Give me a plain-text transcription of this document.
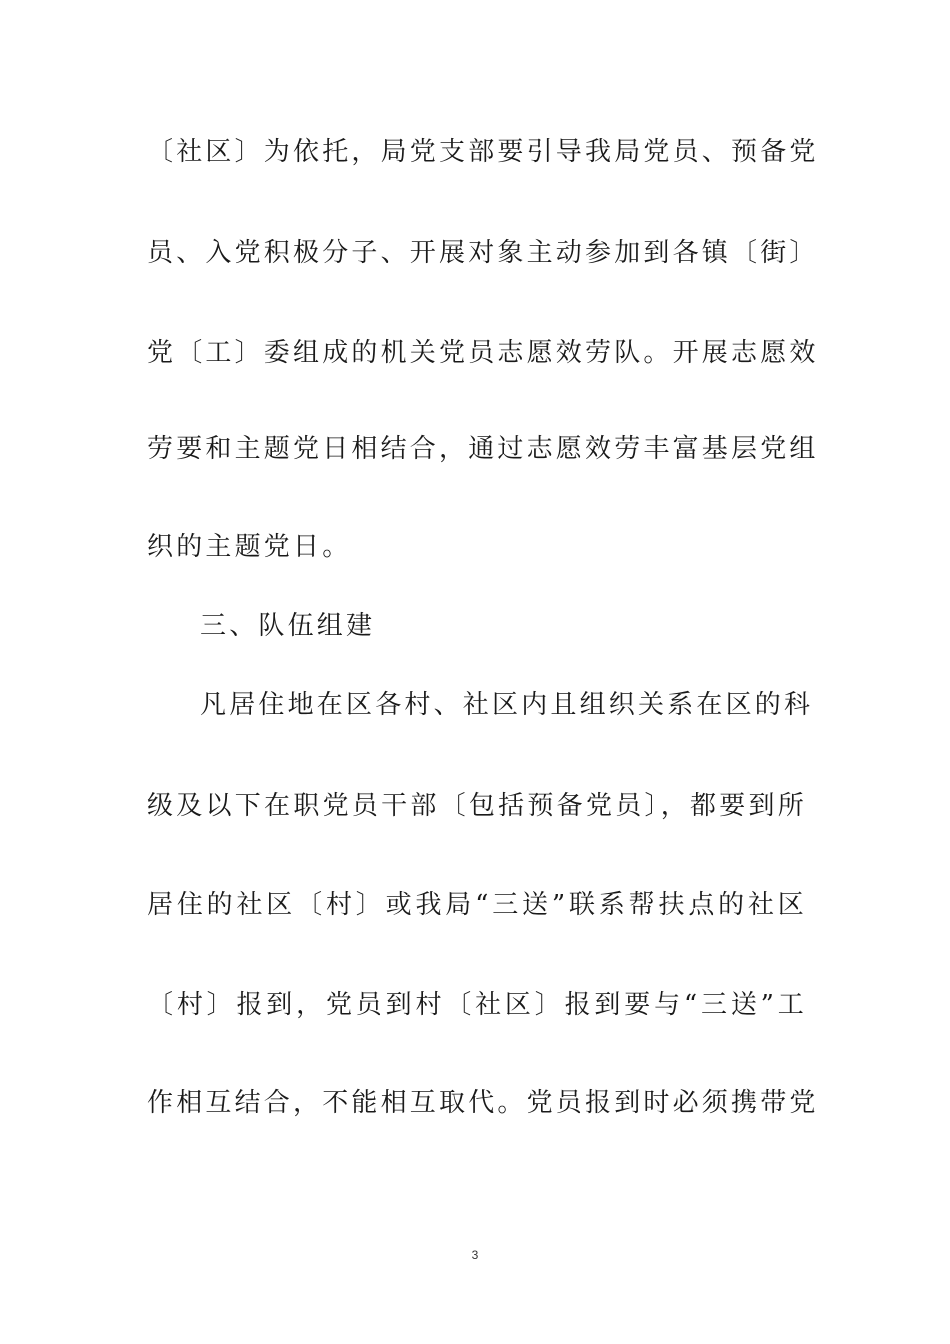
〔社区〕为依托，局党支部要引导我局党员、预备党
员、入党积极分子、开展对象主动参加到各镇〔街〕
党〔工〕委组成的机关党员志愿效劳队。开展志愿效
劳要和主题党日相结合，通过志愿效劳丰富基层党组
织的主题党日。
三、队伍组建
凡居住地在区各村、社区内且组织关系在区的科
级及以下在职党员干部〔包括预备党员〕，都要到所
居住的社区〔村〕或我局“三送”联系帮扶点的社区
〔村〕报到，党员到村〔社区〕报到要与“三送”工
作相互结合，不能相互取代。党员报到时必须携带党
3
